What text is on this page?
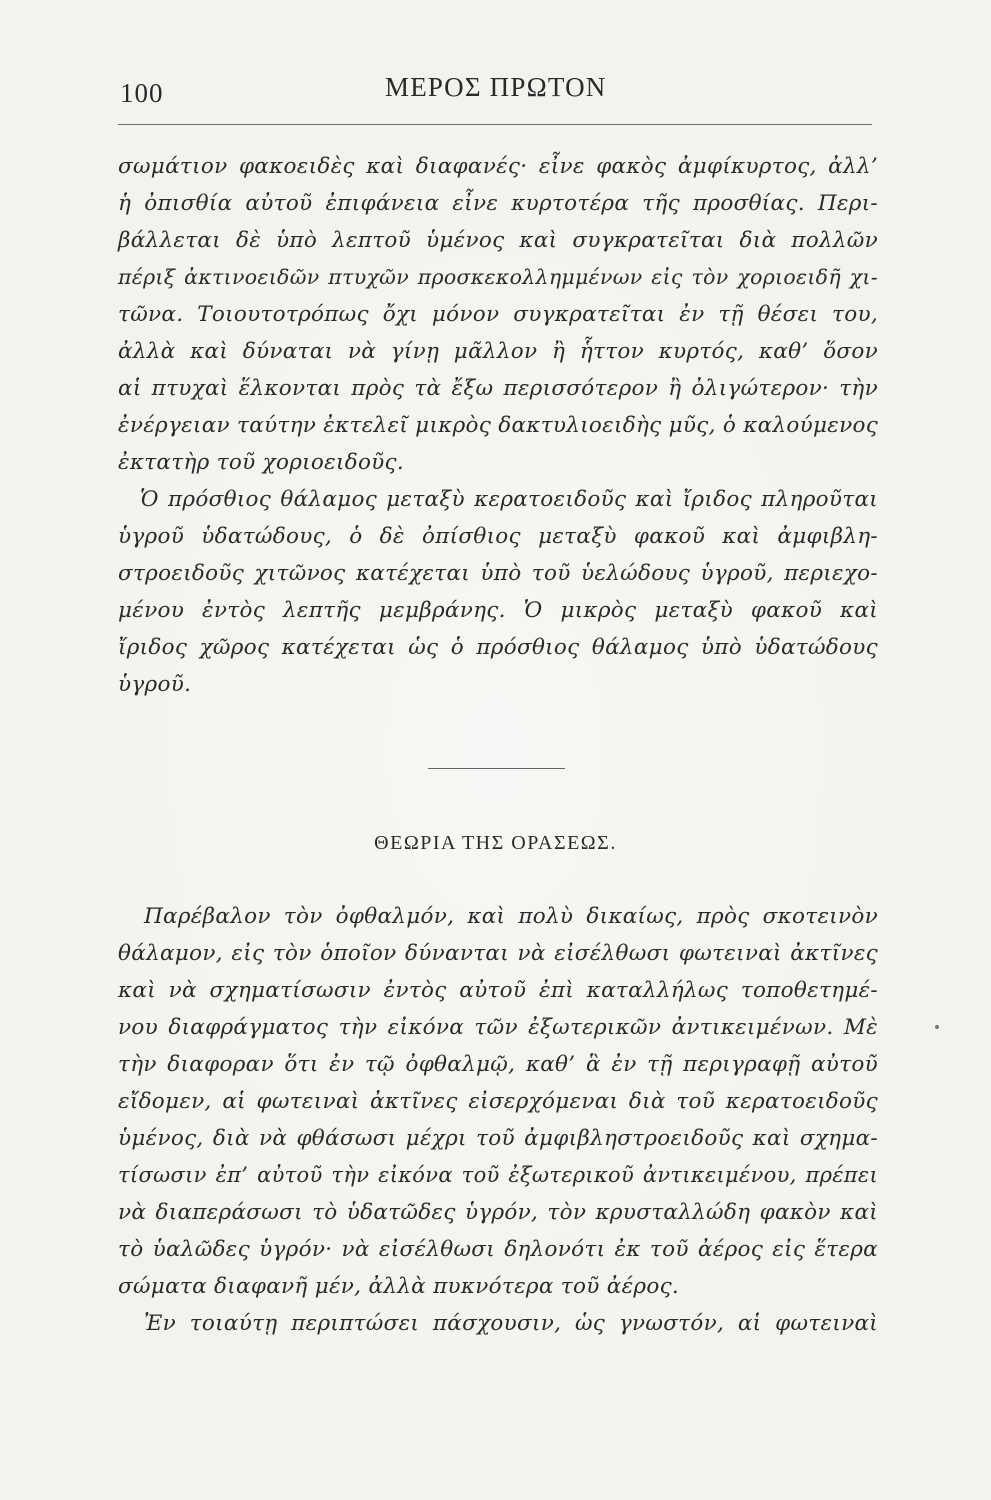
100	ΜΕΡΟΣ ΠΡΩΤΟΝ
σωμάτιον φακοειδὲς καὶ διαφανές· εἶνε φακὸς ἀμφίκυρτος, ἀλλ’
ἡ ὀπισθία αὐτοῦ ἐπιφάνεια εἶνε κυρτοτέρα τῆς προσθίας. Περι-
βάλλεται δὲ ὑπὸ λεπτοῦ ὑμένος καὶ συγκρατεῖται διὰ πολλῶν
πέριξ ἀκτινοειδῶν πτυχῶν προσκεκολλημμένων εἰς τὸν χοριοειδῆ χι-
τῶνα. Τοιουτοτρόπως ὄχι μόνον συγκρατεῖται ἐν τῇ θέσει του,
ἀλλὰ καὶ δύναται νὰ γίνῃ μᾶλλον ἢ ἧττον κυρτός, καθ’ ὅσον
αἱ πτυχαὶ ἕλκονται πρὸς τὰ ἔξω περισσότερον ἢ ὀλιγώτερον· τὴν
ἐνέργειαν ταύτην ἐκτελεῖ μικρὸς δακτυλιοειδὴς μῦς, ὁ καλούμενος
ἐκτατὴρ τοῦ χοριοειδοῦς.
Ὁ πρόσθιος θάλαμος μεταξὺ κερατοειδοῦς καὶ ἴριδος πληροῦται
ὑγροῦ ὑδατώδους, ὁ δὲ ὀπίσθιος μεταξὺ φακοῦ καὶ ἀμφιβλη-
στροειδοῦς χιτῶνος κατέχεται ὑπὸ τοῦ ὑελώδους ὑγροῦ, περιεχο-
μένου ἐντὸς λεπτῆς μεμβράνης. Ὁ μικρὸς μεταξὺ φακοῦ καὶ
ἴριδος χῶρος κατέχεται ὡς ὁ πρόσθιος θάλαμος ὑπὸ ὑδατώδους
ὑγροῦ.
ΘΕΩΡΙΑ ΤΗΣ ΟΡΑΣΕΩΣ.
Παρέβαλον τὸν ὀφθαλμόν, καὶ πολὺ δικαίως, πρὸς σκοτεινὸν
θάλαμον, εἰς τὸν ὁποῖον δύνανται νὰ εἰσέλθωσι φωτειναὶ ἀκτῖνες
καὶ νὰ σχηματίσωσιν ἐντὸς αὐτοῦ ἐπὶ καταλλήλως τοποθετημέ-
νου διαφράγματος τὴν εἰκόνα τῶν ἐξωτερικῶν ἀντικειμένων. Μὲ
τὴν διαφοραν ὅτι ἐν τῷ ὀφθαλμῷ, καθ’ ἃ ἐν τῇ περιγραφῇ αὐτοῦ
εἴδομεν, αἱ φωτειναὶ ἀκτῖνες εἰσερχόμεναι διὰ τοῦ κερατοειδοῦς
ὑμένος, διὰ νὰ φθάσωσι μέχρι τοῦ ἀμφιβληστροειδοῦς καὶ σχημα-
τίσωσιν ἐπ’ αὐτοῦ τὴν εἰκόνα τοῦ ἐξωτερικοῦ ἀντικειμένου, πρέπει
νὰ διαπεράσωσι τὸ ὑδατῶδες ὑγρόν, τὸν κρυσταλλώδη φακὸν καὶ
τὸ ὑαλῶδες ὑγρόν· νὰ εἰσέλθωσι δηλονότι ἐκ τοῦ ἀέρος εἰς ἕτερα
σώματα διαφανῆ μέν, ἀλλὰ πυκνότερα τοῦ ἀέρος.
Ἐν τοιαύτῃ περιπτώσει πάσχουσιν, ὡς γνωστόν, αἱ φωτειναὶ
